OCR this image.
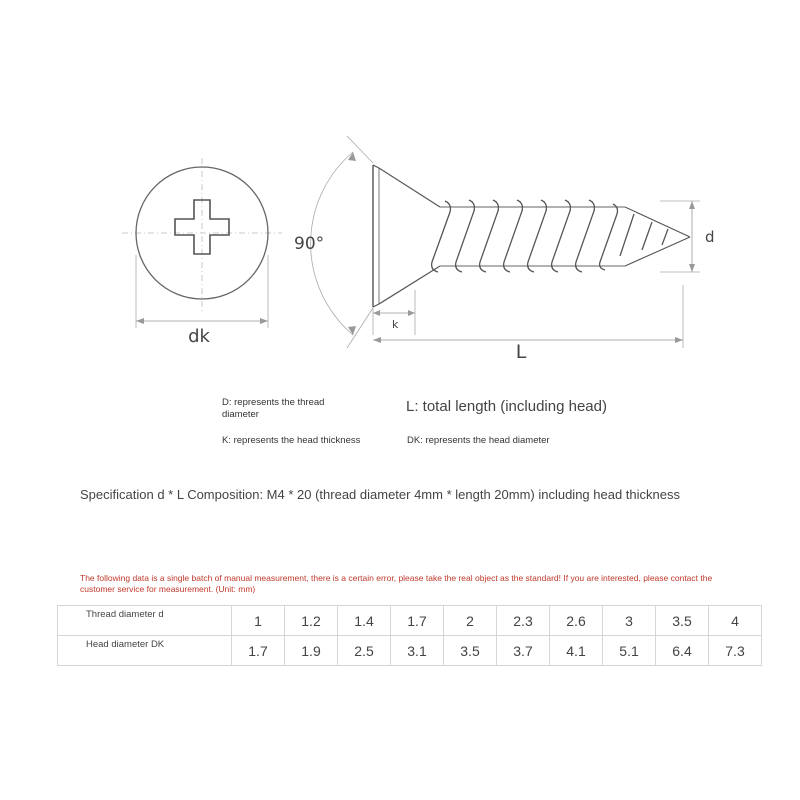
dk
90°	d
k
L
D: represents the thread diameter	L: total length (including head)
K: represents the head thickness	DK: represents the head diameter
Specification d * L Composition: M4 * 20 (thread diameter 4mm * length 20mm) including head thickness
The following data is a single batch of manual measurement, there is a certain error, please take the real object as the standard! If you are interested, please contact the customer service for measurement. (Unit: mm)
Thread diameter d	1	1.2	1.4	1.7	2	2.3	2.6	3	3.5	4
Head diameter DK	1.7	1.9	2.5	3.1	3.5	3.7	4.1	5.1	6.4	7.3
